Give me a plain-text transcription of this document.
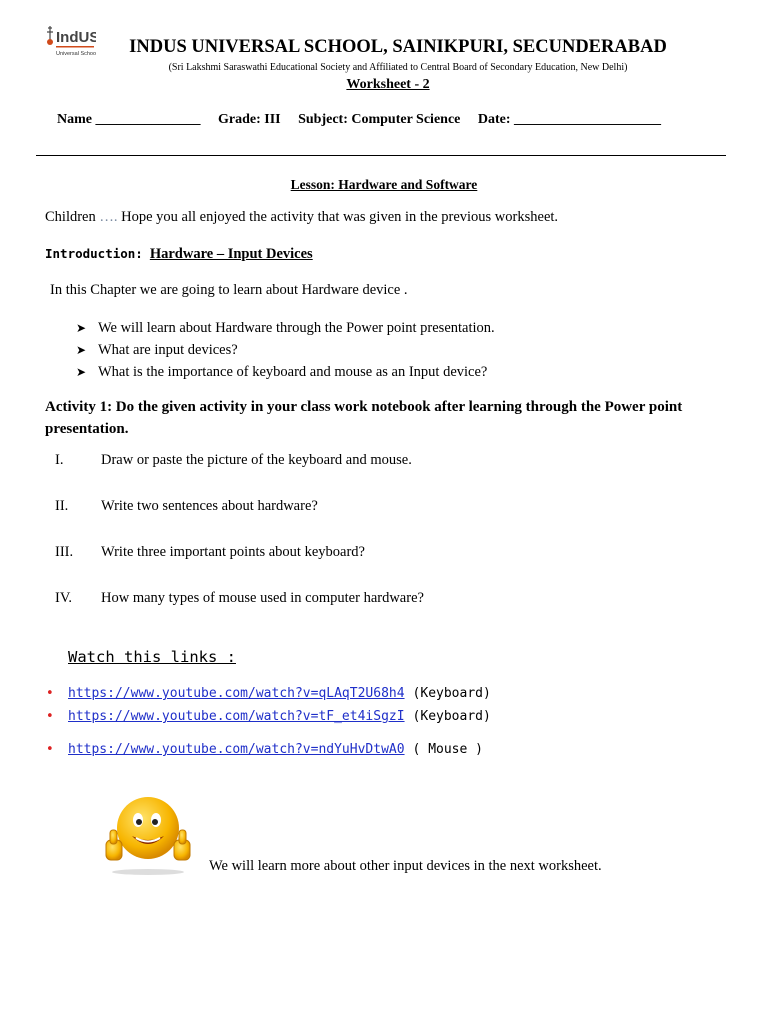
IndUS
Universal School	INDUS UNIVERSAL SCHOOL, SAINIKPURI, SECUNDERABAD
(Sri Lakshmi Saraswathi Educational Society and Affiliated to Central Board of Secondary Education, New Delhi)
Worksheet - 2
Name _______________     Grade: III     Subject: Computer Science     Date: _____________________
Lesson: Hardware and Software
Children …. Hope you all enjoyed the activity that was given in the previous worksheet.
Introduction: Hardware – Input Devices
In this Chapter we are going to learn about Hardware device .
➤ We will learn about Hardware through the Power point presentation.
➤ What are input devices?
➤ What is the importance of keyboard and mouse as an Input device?
Activity 1: Do the given activity in your class work notebook after learning through the Power point presentation.
I.	Draw or paste the picture of the keyboard and mouse.
II. Write two sentences about hardware?
III. Write three important points about keyboard?
IV. How many types of mouse used in computer hardware?
Watch this links :
• https://www.youtube.com/watch?v=qLAqT2U68h4 (Keyboard)
• https://www.youtube.com/watch?v=tF_et4iSgzI (Keyboard)
• https://www.youtube.com/watch?v=ndYuHvDtwA0 ( Mouse )
We will learn more about other input devices in the next worksheet.
